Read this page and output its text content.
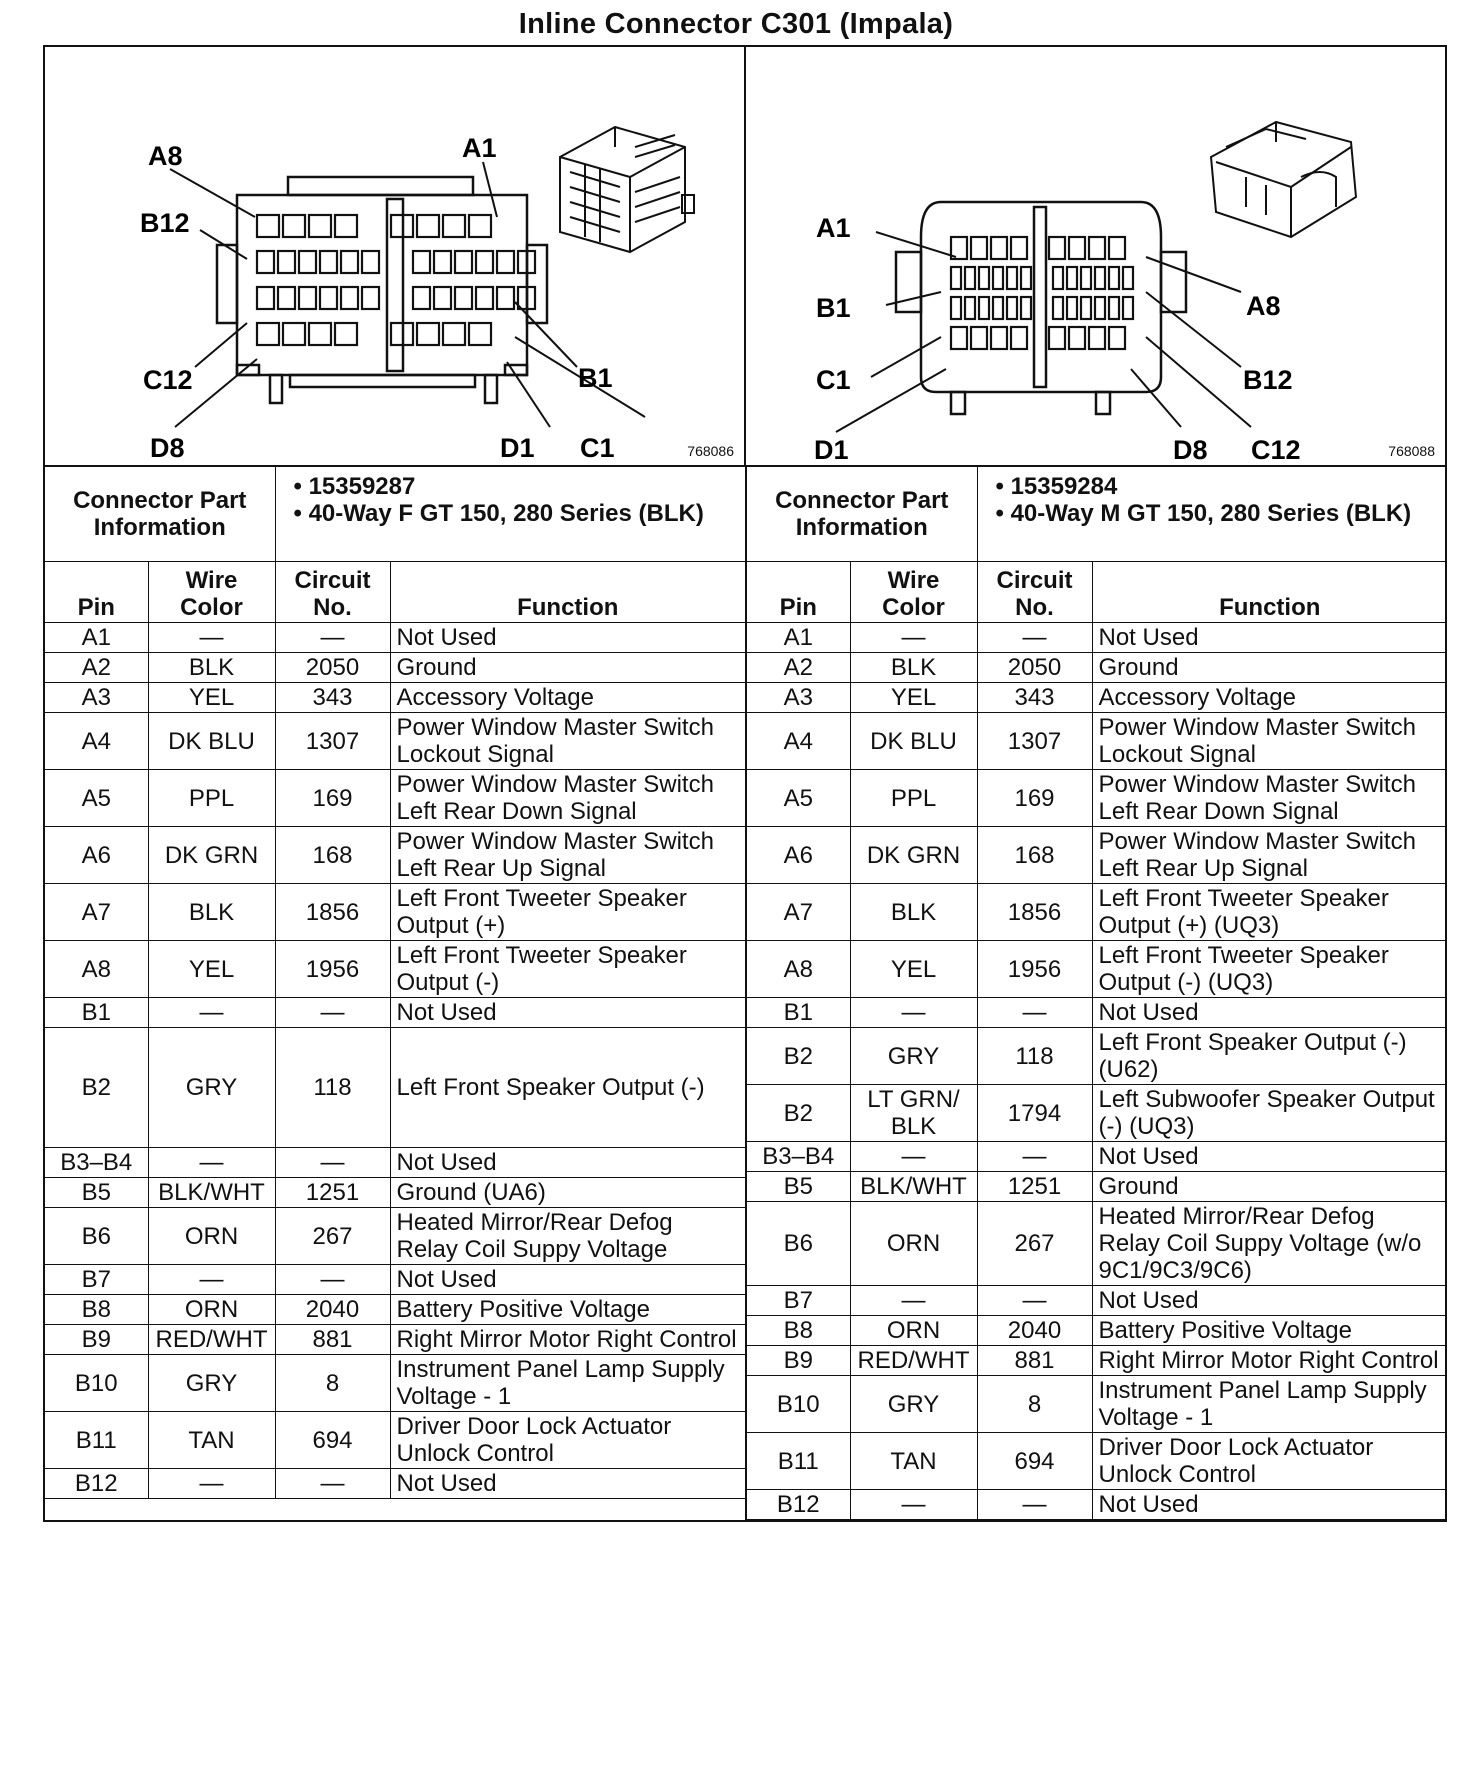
Inline Connector C301 (Impala)
A8	A1
B12
B1
C12
C1
D8	D1	768086
A1
A8
B1
B12
C1
C12
D1	D8	768088
Connector Part Information	
• 15359287
• 40-Way F GT 150, 280 Series (BLK)
Pin	Wire Color	Circuit No.	Function
A1	—	—	Not Used
A2	BLK	2050	Ground
A3	YEL	343	Accessory Voltage
A4	DK BLU	1307	Power Window Master Switch Lockout Signal
A5	PPL	169	Power Window Master Switch Left Rear Down Signal
A6	DK GRN	168	Power Window Master Switch Left Rear Up Signal
A7	BLK	1856	Left Front Tweeter Speaker Output (+)
A8	YEL	1956	Left Front Tweeter Speaker Output (-)
B1	—	—	Not Used
B2	GRY	118	Left Front Speaker Output (-)
B3–B4	—	—	Not Used
B5	BLK/WHT	1251	Ground (UA6)
B6	ORN	267	Heated Mirror/Rear Defog Relay Coil Suppy Voltage
B7	—	—	Not Used
B8	ORN	2040	Battery Positive Voltage
B9	RED/WHT	881	Right Mirror Motor Right Control
B10	GRY	8	Instrument Panel Lamp Supply Voltage - 1
B11	TAN	694	Driver Door Lock Actuator Unlock Control
B12	—	—	Not Used
Connector Part Information	
• 15359284
• 40-Way M GT 150, 280 Series (BLK)
Pin	Wire Color	Circuit No.	Function
A1	—	—	Not Used
A2	BLK	2050	Ground
A3	YEL	343	Accessory Voltage
A4	DK BLU	1307	Power Window Master Switch Lockout Signal
A5	PPL	169	Power Window Master Switch Left Rear Down Signal
A6	DK GRN	168	Power Window Master Switch Left Rear Up Signal
A7	BLK	1856	Left Front Tweeter Speaker Output (+) (UQ3)
A8	YEL	1956	Left Front Tweeter Speaker Output (-) (UQ3)
B1	—	—	Not Used
B2	GRY	118	Left Front Speaker Output (-) (U62)
B2	LT GRN/ BLK	1794	Left Subwoofer Speaker Output (-) (UQ3)
B3–B4	—	—	Not Used
B5	BLK/WHT	1251	Ground
B6	ORN	267	Heated Mirror/Rear Defog Relay Coil Suppy Voltage (w/o 9C1/9C3/9C6)
B7	—	—	Not Used
B8	ORN	2040	Battery Positive Voltage
B9	RED/WHT	881	Right Mirror Motor Right Control
B10	GRY	8	Instrument Panel Lamp Supply Voltage - 1
B11	TAN	694	Driver Door Lock Actuator Unlock Control
B12	—	—	Not Used
